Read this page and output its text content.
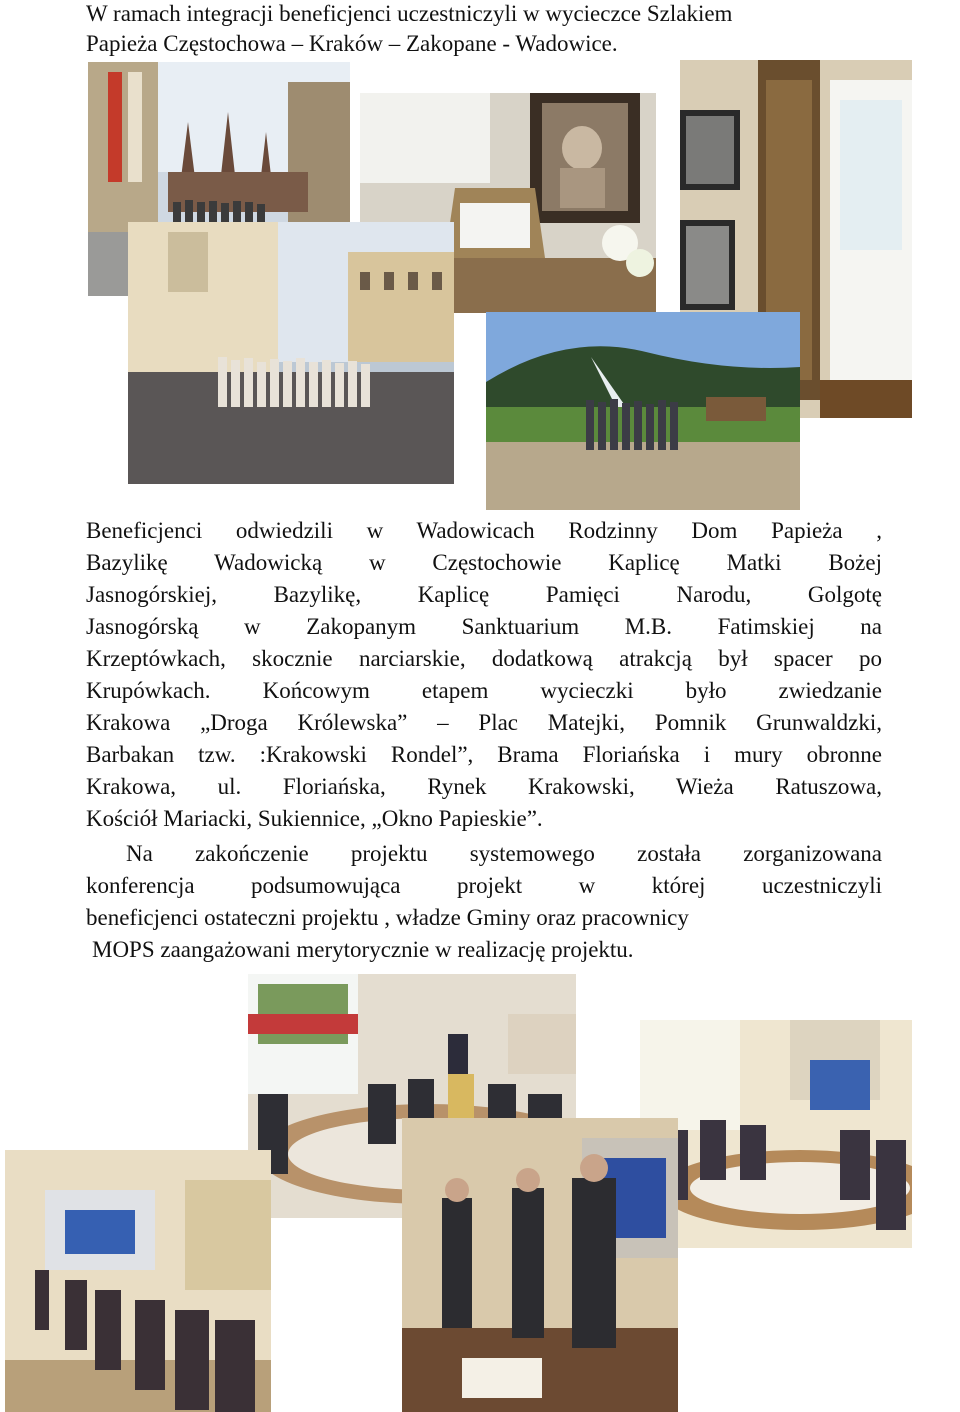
W ramach integracji beneficjenci uczestniczyli w wycieczce Szlakiem
Papieża Częstochowa – Kraków – Zakopane - Wadowice.
Beneficjenci odwiedzili w Wadowicach Rodzinny Dom Papieża ,
Bazylikę Wadowicką w Częstochowie Kaplicę Matki Bożej
Jasnogórskiej, Bazylikę, Kaplicę Pamięci Narodu, Golgotę
Jasnogórską w Zakopanym Sanktuarium M.B. Fatimskiej na
Krzeptówkach, skocznie narciarskie, dodatkową atrakcją był spacer po
Krupówkach. Końcowym etapem wycieczki było zwiedzanie
Krakowa „Droga Królewska” – Plac Matejki, Pomnik Grunwaldzki,
Barbakan tzw. :Krakowski Rondel”, Brama Floriańska i mury obronne
Krakowa, ul. Floriańska, Rynek Krakowski, Wieża Ratuszowa,
Kościół Mariacki, Sukiennice, „Okno Papieskie”.
Na zakończenie projektu systemowego została zorganizowana
konferencja podsumowująca projekt w której uczestniczyli
beneficjenci ostateczni projektu , władze Gminy oraz pracownicy
MOPS zaangażowani merytorycznie w realizację projektu.
